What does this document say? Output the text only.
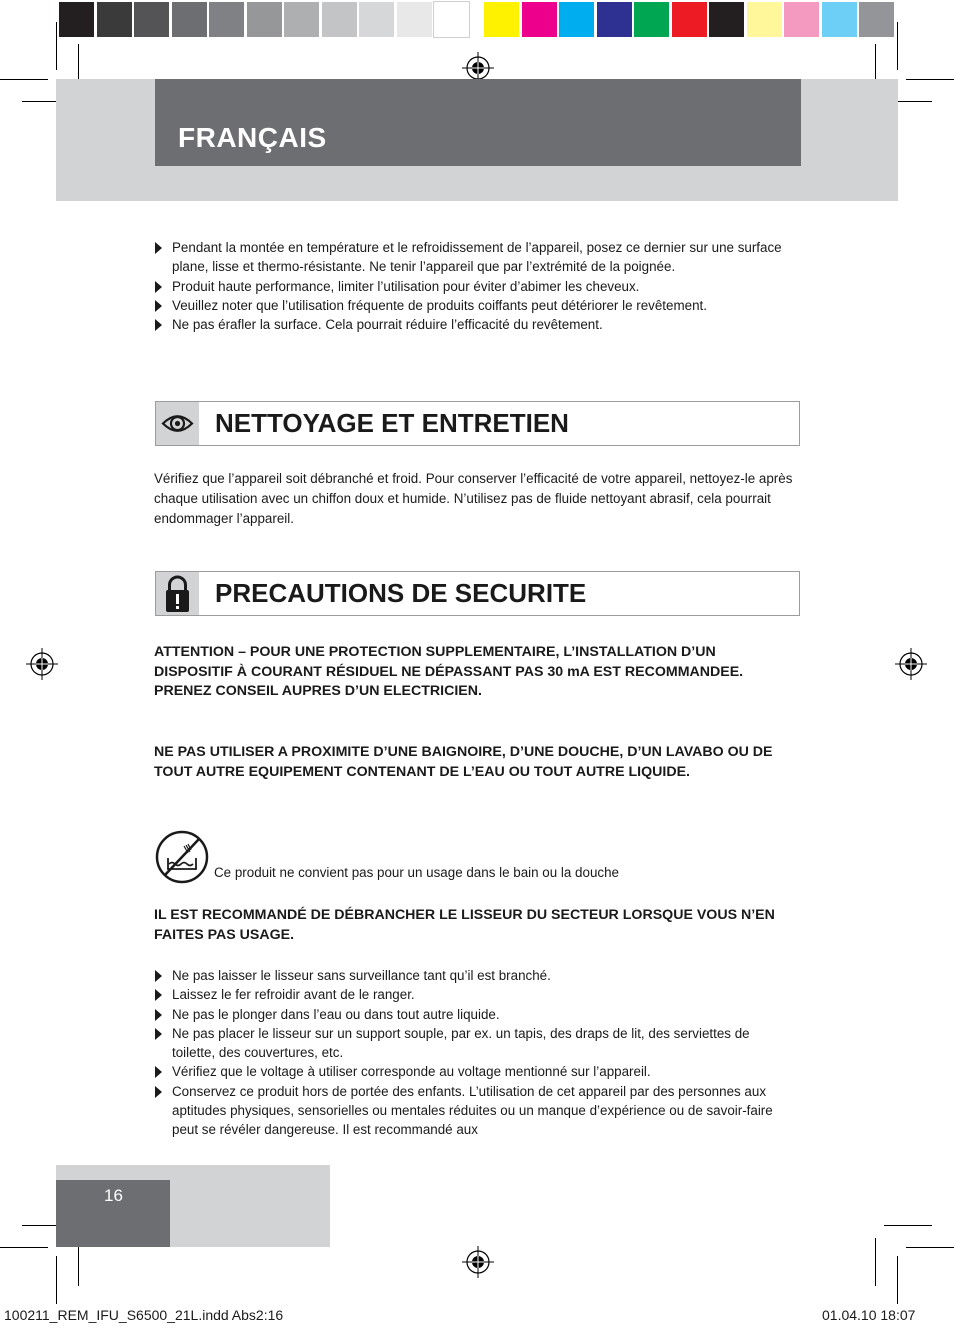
FRANÇAIS

Pendant la montée en température et le refroidissement de l’appareil, posez ce dernier sur une surface plane, lisse et thermo-résistante. Ne tenir l’appareil que par l’extrémité de la poignée.

Produit haute performance, limiter l’utilisation pour éviter d’abimer les cheveux.

Veuillez noter que l’utilisation fréquente de produits coiffants peut détériorer le revêtement.

Ne pas érafler la surface. Cela pourrait réduire l’efficacité du revêtement.

NETTOYAGE ET ENTRETIEN
Vérifiez que l’appareil soit débranché et froid. Pour conserver l’efficacité de votre appareil, nettoyez-le après chaque utilisation avec un chiffon doux et humide. N’utilisez pas de fluide nettoyant abrasif, cela pourrait endommager l’appareil.
PRECAUTIONS DE SECURITE
ATTENTION – POUR UNE PROTECTION SUPPLEMENTAIRE, L’INSTALLATION D’UN DISPOSITIF À COURANT RÉSIDUEL NE DÉPASSANT PAS 30 mA EST RECOMMANDEE. PRENEZ CONSEIL AUPRES D’UN ELECTRICIEN.
NE PAS UTILISER A PROXIMITE D’UNE BAIGNOIRE, D’UNE DOUCHE, D’UN LAVABO OU DE TOUT AUTRE EQUIPEMENT CONTENANT DE L’EAU OU TOUT AUTRE LIQUIDE.
Ce produit ne convient pas pour un usage dans le bain ou la douche
IL EST RECOMMANDÉ DE DÉBRANCHER LE LISSEUR DU SECTEUR LORSQUE VOUS N’EN FAITES PAS USAGE.

Ne pas laisser le lisseur sans surveillance tant qu’il est branché.

Laissez le fer refroidir avant de le ranger.

Ne pas le plonger dans l’eau ou dans tout autre liquide.

Ne pas placer le lisseur sur un support souple, par ex. un tapis, des draps de lit, des serviettes de toilette, des couvertures, etc.

Vérifiez que le voltage à utiliser corresponde au voltage mentionné sur l’appareil.

Conservez ce produit hors de portée des enfants. L’utilisation de cet appareil par des personnes aux aptitudes physiques, sensorielles ou mentales réduites ou un manque d’expérience ou de savoir-faire peut se révéler dangereuse. Il est recommandé aux

16
100211_REM_IFU_S6500_21L.indd Abs2:16	01.04.10 18:07
